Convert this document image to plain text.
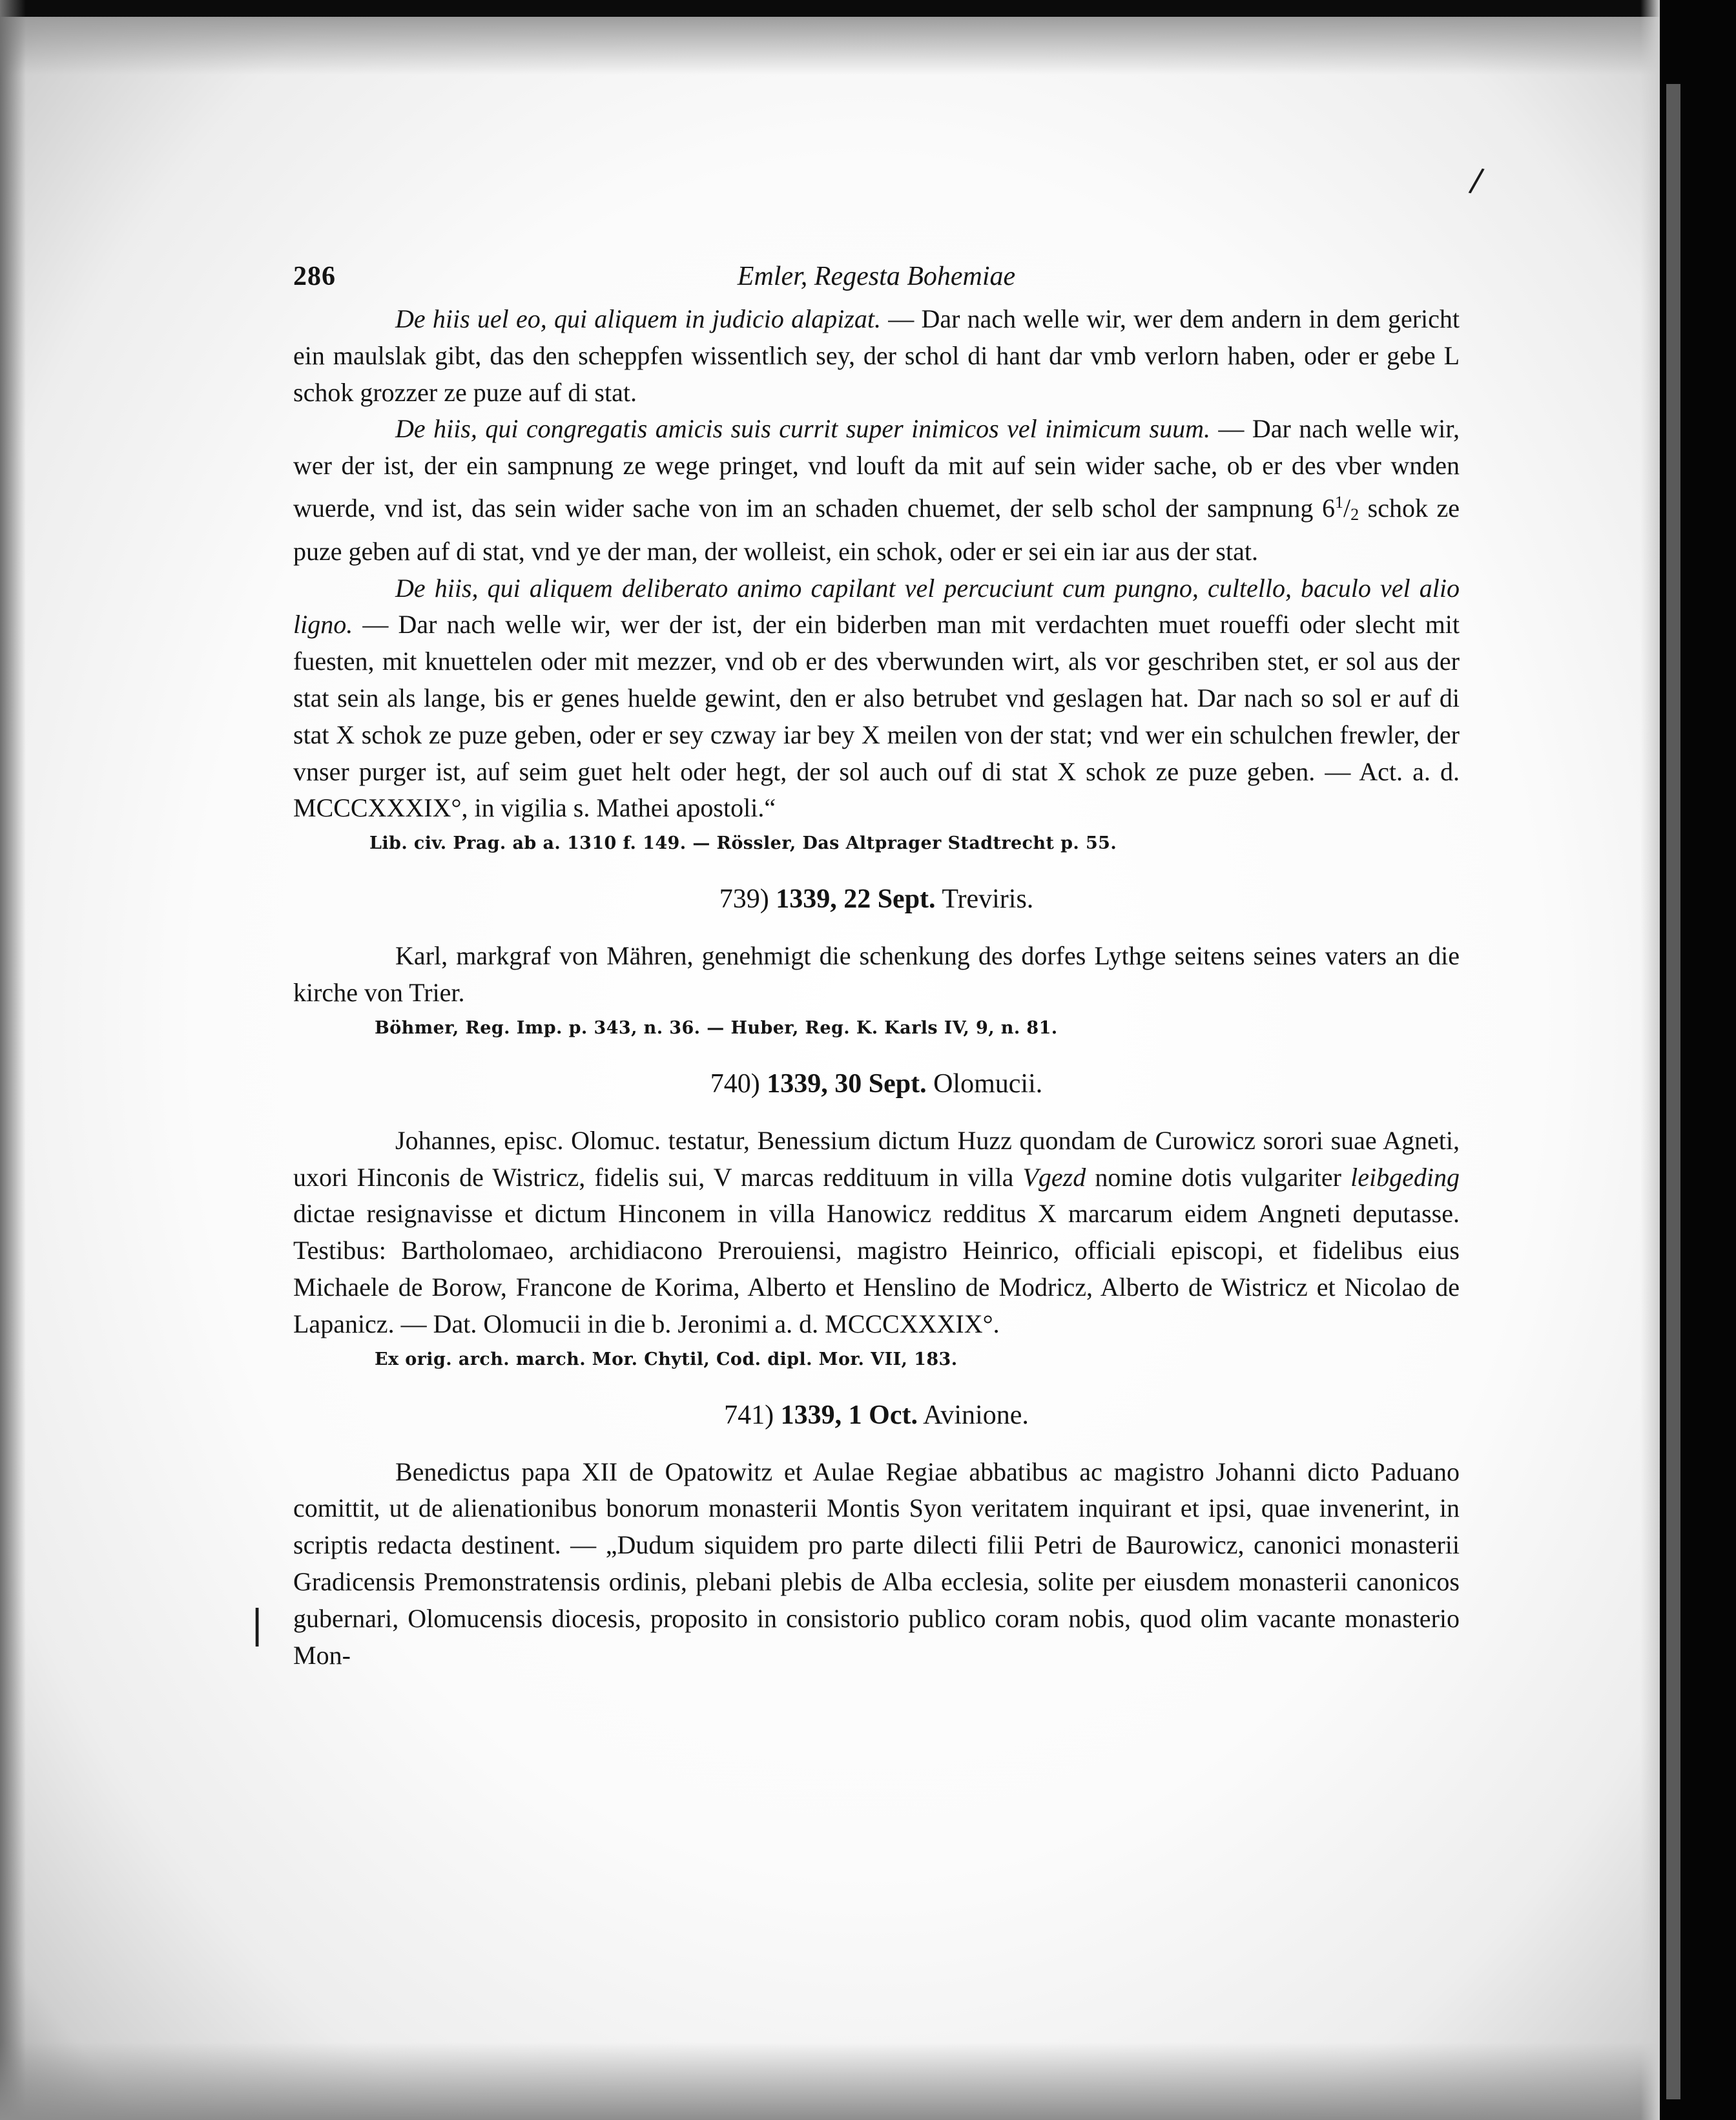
/
|
286	Emler, Regesta Bohemiae

De hiis uel eo, qui aliquem in judicio alapizat. — Dar nach welle wir, wer dem andern in dem gericht ein maulslak gibt, das den scheppfen wissentlich sey, der schol di hant dar vmb verlorn haben, oder er gebe L schok grozzer ze puze auf di stat.

De hiis, qui congregatis amicis suis currit super inimicos vel inimicum suum. — Dar nach welle wir, wer der ist, der ein sampnung ze wege pringet, vnd louft da mit auf sein wider sache, ob er des vber wnden wuerde, vnd ist, das sein wider sache von im an schaden chuemet, der selb schol der sampnung $6^1/2$ schok ze puze geben auf di stat, vnd ye der man, der wolleist, ein schok, oder er sei ein iar aus der stat.

De hiis, qui aliquem deliberato animo capilant vel percuciunt cum pungno, cultello, baculo vel alio ligno. — Dar nach welle wir, wer der ist, der ein biderben man mit verdachten muet roueffi oder slecht mit fuesten, mit knuettelen oder mit mezzer, vnd ob er des vberwunden wirt, als vor geschriben stet, er sol aus der stat sein als lange, bis er genes huelde gewint, den er also betrubet vnd geslagen hat. Dar nach so sol er auf di stat X schok ze puze geben, oder er sey czway iar bey X meilen von der stat; vnd wer ein schulchen frewler, der vnser purger ist, auf seim guet helt oder hegt, der sol auch ouf di stat X schok ze puze geben. — Act. a. d. MCCCXXXIX°, in vigilia s. Mathei apostoli.“

Lib. civ. Prag. ab a. 1310 f. 149. — Rössler, Das Altprager Stadtrecht p. 55.
739) 1339, 22 Sept. Treviris.

Karl, markgraf von Mähren, genehmigt die schenkung des dorfes Lythge seitens seines vaters an die kirche von Trier.

Böhmer, Reg. Imp. p. 343, n. 36. — Huber, Reg. K. Karls IV, 9, n. 81.
740) 1339, 30 Sept. Olomucii.

Johannes, episc. Olomuc. testatur, Benessium dictum Huzz quondam de Curowicz sorori suae Agneti, uxori Hinconis de Wistricz, fidelis sui, V marcas reddituum in villa Vgezd nomine dotis vulgariter leibgeding dictae resignavisse et dictum Hinconem in villa Hanowicz redditus X marcarum eidem Angneti deputasse. Testibus: Bartholomaeo, archidiacono Prerouiensi, magistro Heinrico, officiali episcopi, et fidelibus eius Michaele de Borow, Francone de Korima, Alberto et Henslino de Modricz, Alberto de Wistricz et Nicolao de Lapanicz. — Dat. Olomucii in die b. Jeronimi a. d. MCCCXXXIX°.

Ex orig. arch. march. Mor. Chytil, Cod. dipl. Mor. VII, 183.
741) 1339, 1 Oct. Avinione.

Benedictus papa XII de Opatowitz et Aulae Regiae abbatibus ac magistro Johanni dicto Paduano comittit, ut de alienationibus bonorum monasterii Montis Syon veritatem inquirant et ipsi, quae invenerint, in scriptis redacta destinent. — „Dudum siquidem pro parte dilecti filii Petri de Baurowicz, canonici monasterii Gradicensis Premonstratensis ordinis, plebani plebis de Alba ecclesia, solite per eiusdem monasterii canonicos gubernari, Olomucensis diocesis, proposito in consistorio publico coram nobis, quod olim vacante monasterio Mon-
